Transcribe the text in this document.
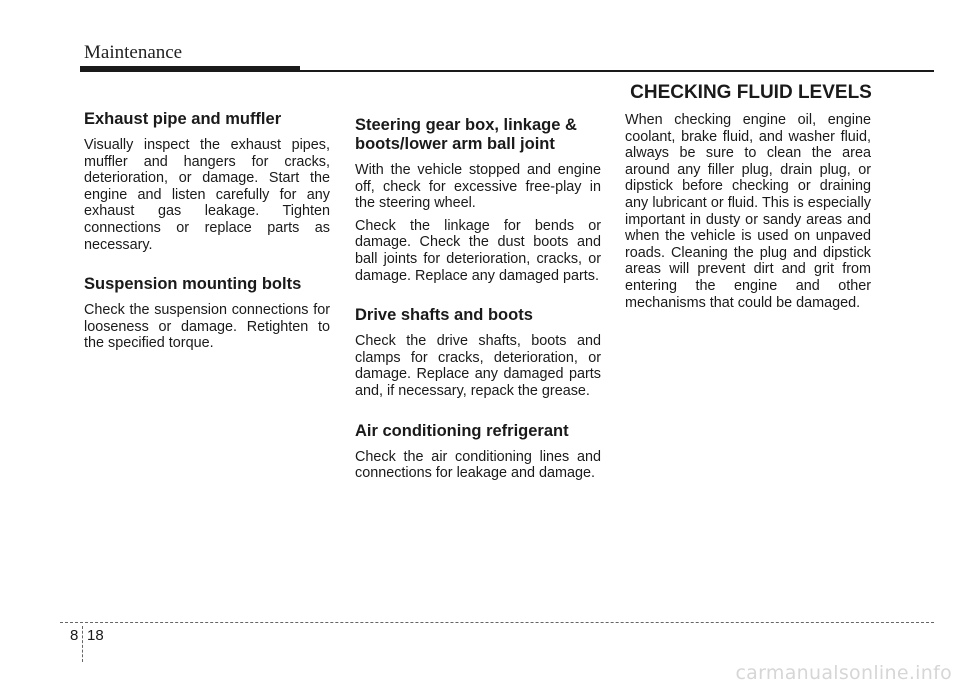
Maintenance
Exhaust pipe and muffler

Visually inspect the exhaust pipes, muffler and hangers for cracks, deterioration, or damage. Start the engine and listen carefully for any exhaust gas leakage. Tighten connections or replace parts as necessary.

Suspension mounting bolts

Check the suspension connections for looseness or damage. Retighten to the specified torque.

Steering gear box, linkage & boots/lower arm ball joint

With the vehicle stopped and engine off, check for excessive free-play in the steering wheel.

Check the linkage for bends or damage. Check the dust boots and ball joints for deterioration, cracks, or damage. Replace any damaged parts.

Drive shafts and boots

Check the drive shafts, boots and clamps for cracks, deterioration, or damage. Replace any damaged parts and, if necessary, repack the grease.

Air conditioning refrigerant

Check the air conditioning lines and connections for leakage and damage.

CHECKING FLUID LEVELS

When checking engine oil, engine coolant, brake fluid, and washer fluid, always be sure to clean the area around any filler plug, drain plug, or dipstick before checking or draining any lubricant or fluid. This is especially important in dusty or sandy areas and when the vehicle is used on unpaved roads. Cleaning the plug and dipstick areas will prevent dirt and grit from entering the engine and other mechanisms that could be damaged.

8 18
carmanualsonline.info
